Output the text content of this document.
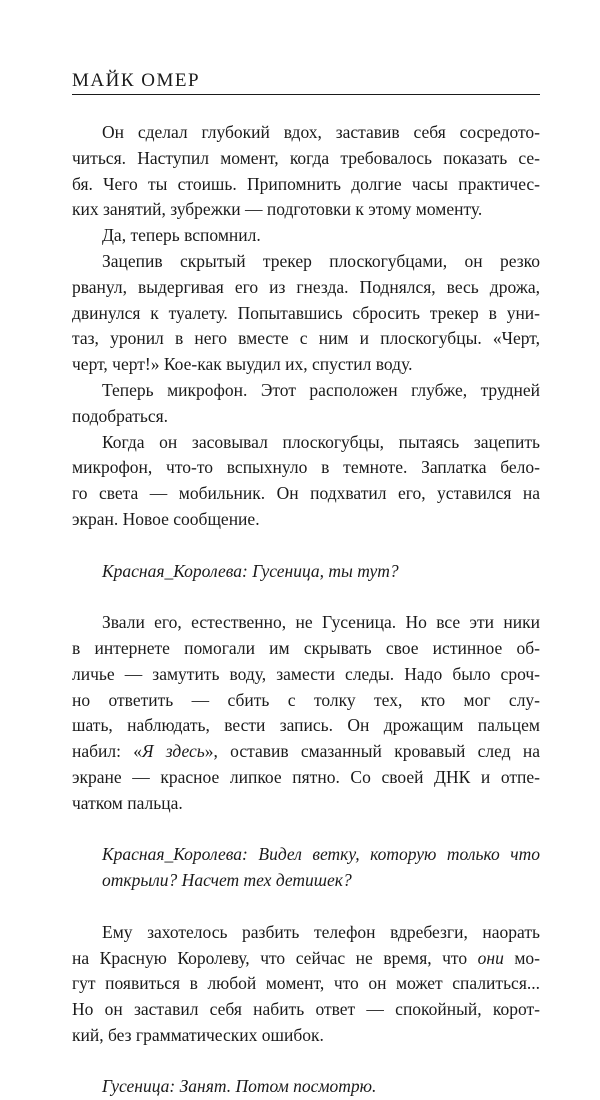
МАЙК ОМЕР
Он сделал глубокий вдох, заставив себя сосредото-
читься. Наступил момент, когда требовалось показать се-
бя. Чего ты стоишь. Припомнить долгие часы практичес-
ких занятий, зубрежки — подготовки к этому моменту.
Да, теперь вспомнил.
Зацепив скрытый трекер плоскогубцами, он резко
рванул, выдергивая его из гнезда. Поднялся, весь дрожа,
двинулся к туалету. Попытавшись сбросить трекер в уни-
таз, уронил в него вместе с ним и плоскогубцы. «Черт,
черт, черт!» Кое-как выудил их, спустил воду.
Теперь микрофон. Этот расположен глубже, трудней
подобраться.
Когда он засовывал плоскогубцы, пытаясь зацепить
микрофон, что-то вспыхнуло в темноте. Заплатка бело-
го света — мобильник. Он подхватил его, уставился на
экран. Новое сообщение.
Красная_Королева: Гусеница, ты тут?
Звали его, естественно, не Гусеница. Но все эти ники
в интернете помогали им скрывать свое истинное об-
личье — замутить воду, замести следы. Надо было сроч-
но ответить — сбить с толку тех, кто мог слу-
шать, наблюдать, вести запись. Он дрожащим пальцем
набил: «Я здесь», оставив смазанный кровавый след на
экране — красное липкое пятно. Со своей ДНК и отпе-
чатком пальца.
Красная_Королева: Видел ветку, которую только что
открыли? Насчет тех детишек?
Ему захотелось разбить телефон вдребезги, наорать
на Красную Королеву, что сейчас не время, что они мо-
гут появиться в любой момент, что он может спалиться...
Но он заставил себя набить ответ — спокойный, корот-
кий, без грамматических ошибок.
Гусеница: Занят. Потом посмотрю.
